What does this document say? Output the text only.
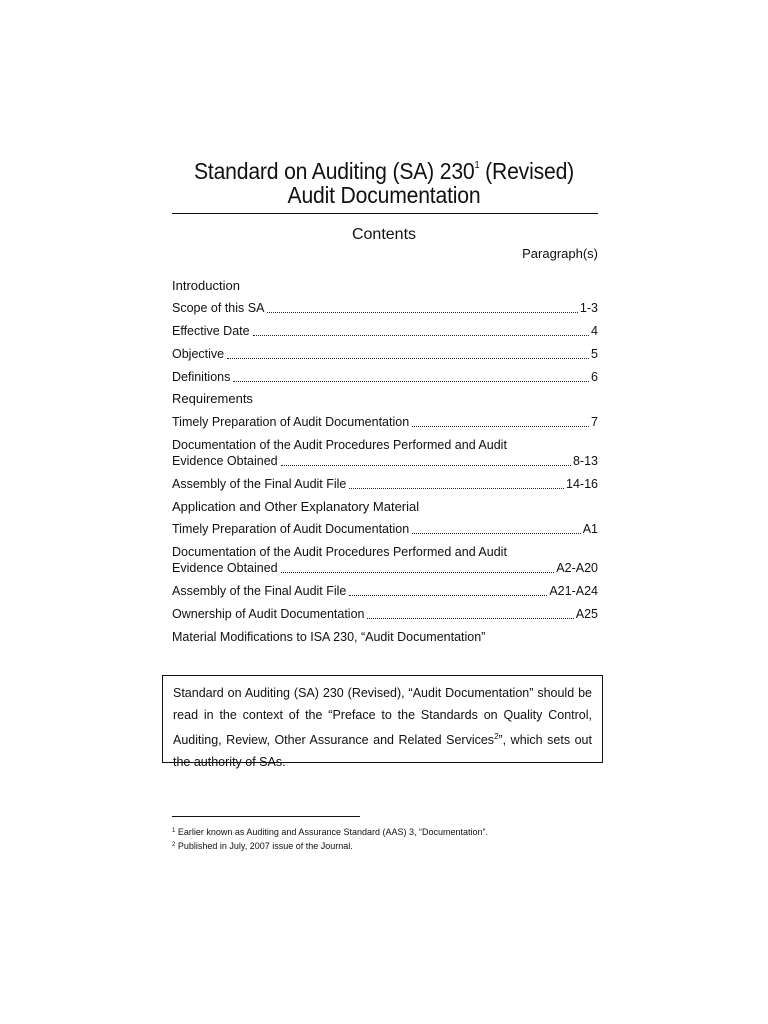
Standard on Auditing (SA) $230^1$ (Revised)
Audit Documentation
Contents
Paragraph(s)
Introduction
Scope of this SA	1-3
Effective Date	4
Objective	5
Definitions	6
Requirements
Timely Preparation of Audit Documentation	7
Documentation of the Audit Procedures Performed and Audit
Evidence Obtained	8-13
Assembly of the Final Audit File	14-16
Application and Other Explanatory Material
Timely Preparation of Audit Documentation	A1
Documentation of the Audit Procedures Performed and Audit
Evidence Obtained	A2-A20
Assembly of the Final Audit File	A21-A24
Ownership of Audit Documentation	A25
Material Modifications to ISA 230, “Audit Documentation”
Standard on Auditing (SA) 230 (Revised), “Audit Documentation” should be read in the context of the “Preface to the Standards on Quality Control, Auditing, Review, Other Assurance and Related Services$^2$”, which sets out the authority of SAs.
$^1$ Earlier known as Auditing and Assurance Standard (AAS) 3, “Documentation”.
$^2$ Published in July, 2007 issue of the Journal.
